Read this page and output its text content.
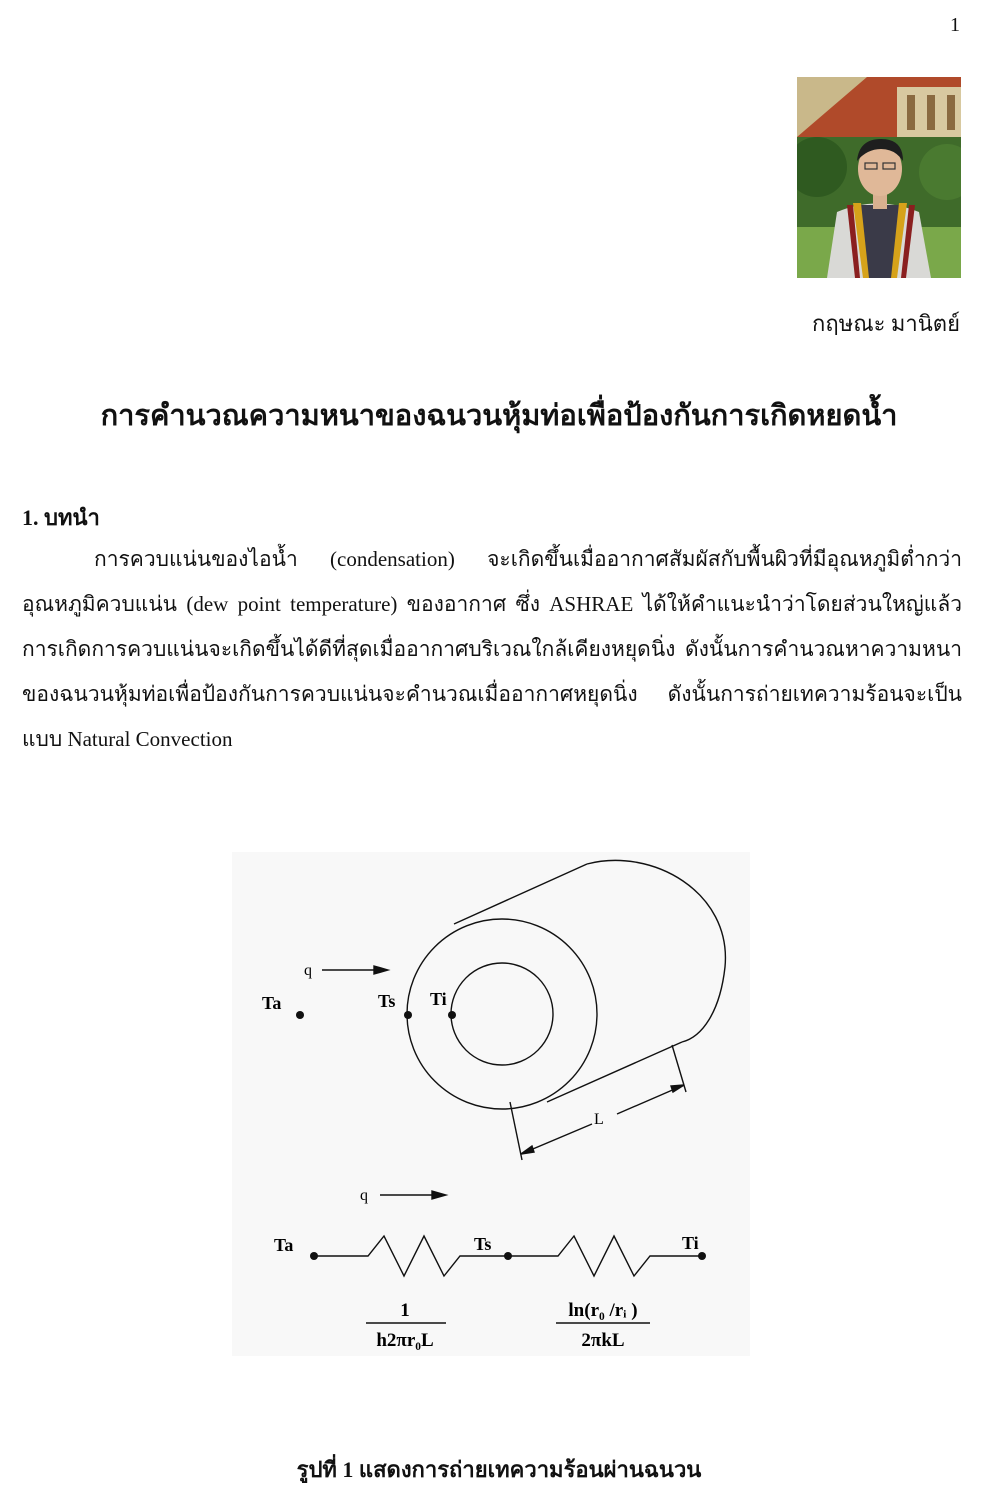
1
กฤษณะ มานิตย์
การคำนวณความหนาของฉนวนหุ้มท่อเพื่อป้องกันการเกิดหยดน้ำ
1. บทนำ
การควบแน่นของไอน้ำ (condensation) จะเกิดขึ้นเมื่ออากาศสัมผัสกับพื้นผิวที่มีอุณหภูมิต่ำกว่าอุณหภูมิควบแน่น (dew point temperature) ของอากาศ ซึ่ง ASHRAE ได้ให้คำแนะนำว่าโดยส่วนใหญ่แล้วการเกิดการควบแน่นจะเกิดขึ้นได้ดีที่สุดเมื่ออากาศบริเวณใกล้เคียงหยุดนิ่ง ดังนั้นการคำนวณหาความหนาของฉนวนหุ้มท่อเพื่อป้องกันการควบแน่นจะคำนวณเมื่ออากาศหยุดนิ่ง ดังนั้นการถ่ายเทความร้อนจะเป็นแบบ Natural Convection
q
Ta	Ts Ti
L
q
Ta	Ts	Ti
1
h2πr₀L
ln(r₀ /rᵢ )
2πkL
รูปที่ 1 แสดงการถ่ายเทความร้อนผ่านฉนวน
